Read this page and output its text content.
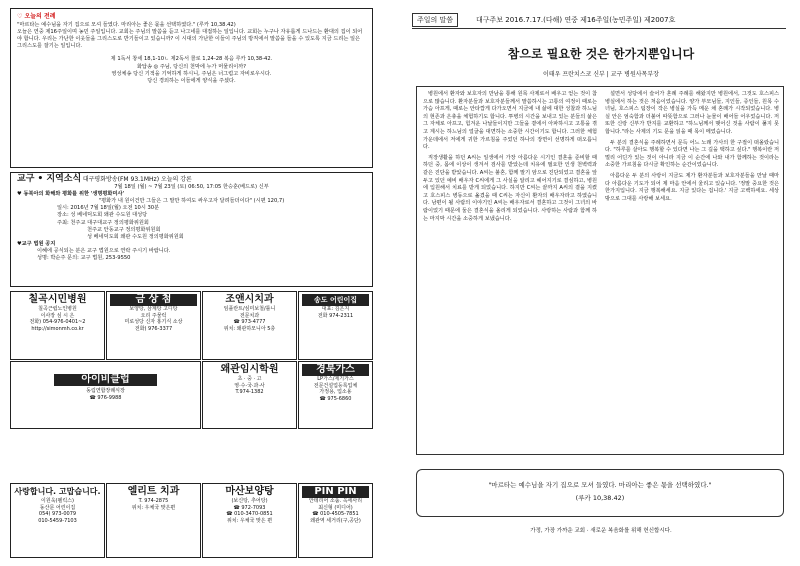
♡ 오늘의 전례

"마르타는 예수님을 자기 집으로 모셔 들였다. 마리아는 좋은 몫을 선택하였다." (루카 10,38.42)

오늘은 연중 제16주일이며 농민 주일입니다. 교회는 주님의 말씀을 듣고 나그네를 대접하는 일입니다. 교회는 누구나 자유롭게 드나드는 환대의 집이 되어야 합니다. 우리는 가난한 이웃들을 그리스도로 반기들이고 있습니까? 이 시대의 가난한 이들이 주님의 방직에서 말씀을 들을 수 있도록 지금 드리는 일은 그리스도를 잘기는 일입니다.

제 1독서 창세 18,1-10ㄴ 제2독서 콜로 1,24-28 복음 루카 10,38-42.
화답송 ◎ 주님, 당신의 천막에 누가 머물리이까?
영성체송 당신 기적을 기억하게 하시니, 주님은 너그럽고 자비로우시다.
당신 경외하는 이들에게 양식을 주셨다.
교구 • 지역소식 대구평화방송(FM 93.1MHz) 오늘의 강론
7월 18일 (월) ~ 7월 23일 (토) 06:50, 17:05 한승훈(베드로) 신부
♥ 동북아의 화해와 평화를 위한 '생명평화미사'
"평화가 내 원이건만 그들은 그 말만 하여도 싸우고자 달려들더이다" (시편 120,7)
일시: 2016년 7월 18일(월) 오전 10시 30분
장소: 성 베네딕도회 왜관 수도원 대성당
주최: 천주교 대구대교구 정의평화위원회
천주교 안동교구 정의평화위원회
성 베네딕도회 왜관 수도원 정의평화위원회
♥교구 법원 공지
이혜에 공식되는 분은 교구 법원으로 연락 주시기 바랍니다.
성명: 박순주 문의: 교구 법원, 253-9550
칠곡시민병원
칠곡근립노인병원
이사장 심 시 은
전화) 054-976-0401~2
http://simonmh.co.kr
금 상 첨
보양탕, 삼계탕 고디탕
오리 주물럭
미로성당 신자 홍기식 소상
전화) 976-3377
조앤시치과
임플란트/심미보철/틀니
전문치과
☎ 973-4777
위치: 왜관하모니아 5층
송도 어린이집
대표: 김은지
전화 974-2311
아이비클럽
동림연합장례식장
☎ 976-9988
왜관임시학원
초 · 중 · 고
영·수·국·과·사
T.974-1382
경북가스
LP가스/제기가스
전문건설업등록업체
가정용, 업소용
☎ 975-6860
사랑합니다. 고맙습니다.
이원욱(펠릭스)
동산문 어린이집
054) 973-0079
010-5459-7103
엘리트 치과
T. 974-2875
위치: 우체국 맞은편
마산보양탕
(보신탕, 추어탕)
☎ 972-7093
☎ 010-3470-0851
위치: 우체국 맞은 편
PIN PIN
안테리어 소품. 옥세사리
최신형 (미디어)
☎ 010-4505-7851
왜관역 세거리(구,공단)
주일의 말씀	대구주보 2016.7.17.(다해) 연중 제16주일(농민주일) 제2007호
참으로 필요한 것은 한가지뿐입니다
이태우 프란치스코 신부 | 교구 병원사목부장

병원에서 환자와 보호자의 만남을 통해 원목 사제로서 배우고 얻는 것이 참으로 많습니다. 환자분들과 보호자분들께서 말씀하시는 고통의 여정이 때로는 가슴 아프게, 때로는 안타깝게 다가오면서 지금에 내 삶에 대한 성찰과 하느님의 현존과 은총을 체험하기도 합니다. 투병의 시간을 보내고 있는 분들의 삶은 그 자체로 아프고, 힘겨운 나날들이지만 그들을 곁에서 아파하시고 고통을 겪고 계시는 하느님의 얼굴을 대면하는 소중한 시간이기도 합니다. 그러한 체험 가운데에서 저에게 귀한 가르침을 주었던 하나의 장면이 선명하게 떠오릅니다.

직장생활을 하던 A씨는 일생에서 가장 아름다운 시기인 결혼을 준비할 때 하던 중, 몸에 이상이 생겨서 검사를 받았는데 치유에 필요한 인생 천벽력과 같은 진단을 받았습니다. A씨는 불혼, 함께 말기 암으로 진단되었고 결혼을 앞두고 있던 예비 배우자 C씨에게 그 사실을 알리고 헤어지기로 결심하고, 병원에 입원해서 치료를 받게 되었습니다. 하지만 C씨는 끝까지 A씨의 곁을 지켰고 호스피스 병동으로 옮겼을 때 C씨는 자신이 환자의 배우자라고 하였습니다. 남편이 될 사람의 이야기인 A씨는 배우자로서 결혼하고 그것이 그녀의 바람이었기 때문에 둘은 결혼식을 올리게 되었습니다. 사랑하는 사람과 함께 하는 마지막 시간을 소중하게 보냈습니다.

설면서 성당에서 슬어가 혼례 주례를 해왔지만 병원에서, 그것도 호스피스 병실에서 하는 것은 처음이었습니다. 양가 부모님들, 지인들, 증인들, 원목 수녀님, 호스피스 팀장이 작은 병실을 가득 메운 채 혼례가 시작되었습니다. 병실 안은 엄숙함과 더불어 따뜻함으로 그러나 눈물이 배어들 어우었습니다. 저 또한 신랑 신부가 반지를 교환하고 "하느님께서 맺어신 것을 사람이 풀지 못합니다."라는 사제의 기도 문을 읽을 때 목이 메었습니다.

두 분의 결혼식을 주례하면서 문득 어느 노래 가사의 한 구절이 떠올랐습니다. "하루를 살아도 행복할 수 있다면 나는 그 길을 택하고 싶다." 행복이란 저 멀리 어딘가 있는 것이 아니라 지금 이 순간에 나와 내가 함께하는 것이라는 소중한 가르침을 다시금 확인하는 순간이었습니다.

아름다운 두 분의 사랑이 지금도 제가 환자분들과 보호자분들을 만날 때마다 아름다운 기도가 되어 제 마음 안에서 울리고 있습니다. '정말 중요한 것은 한가지입니다. 지금 행복해세요. 지금 있다는 겁니다.' 지금 고백하세요. 세상 밖으로 그대를 사랑해 보세요.

"마르타는 예수님을 자기 집으로 모셔 들였다. 마리아는 좋은 몫을 선택하였다."
(루카 10,38.42)
가정, 가장 가까운 교회 · 새로운 복음화를 위해 헌신합시다.
